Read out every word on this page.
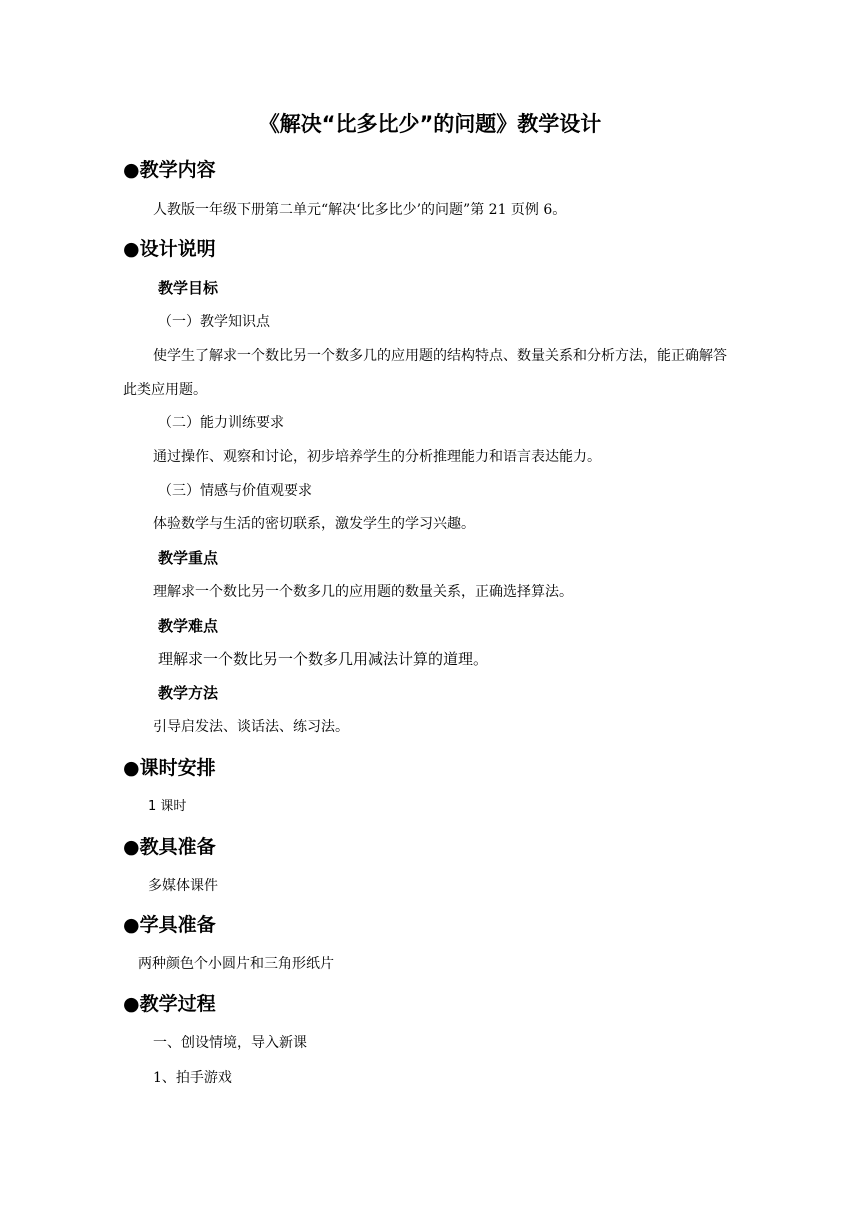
《解决“比多比少”的问题》教学设计
●教学内容
人教版一年级下册第二单元“解决‘比多比少’的问题”第 21 页例 6。
●设计说明
教学目标
（一）教学知识点
使学生了解求一个数比另一个数多几的应用题的结构特点、数量关系和分析方法，能正确解答
此类应用题。
（二）能力训练要求
通过操作、观察和讨论，初步培养学生的分析推理能力和语言表达能力。
（三）情感与价值观要求
体验数学与生活的密切联系，激发学生的学习兴趣。
教学重点
理解求一个数比另一个数多几的应用题的数量关系，正确选择算法。
教学难点
理解求一个数比另一个数多几用减法计算的道理。
教学方法
引导启发法、谈话法、练习法。
●课时安排
1 课时
●教具准备
多媒体课件
●学具准备
两种颜色个小圆片和三角形纸片
●教学过程
一、创设情境，导入新课
1、拍手游戏
